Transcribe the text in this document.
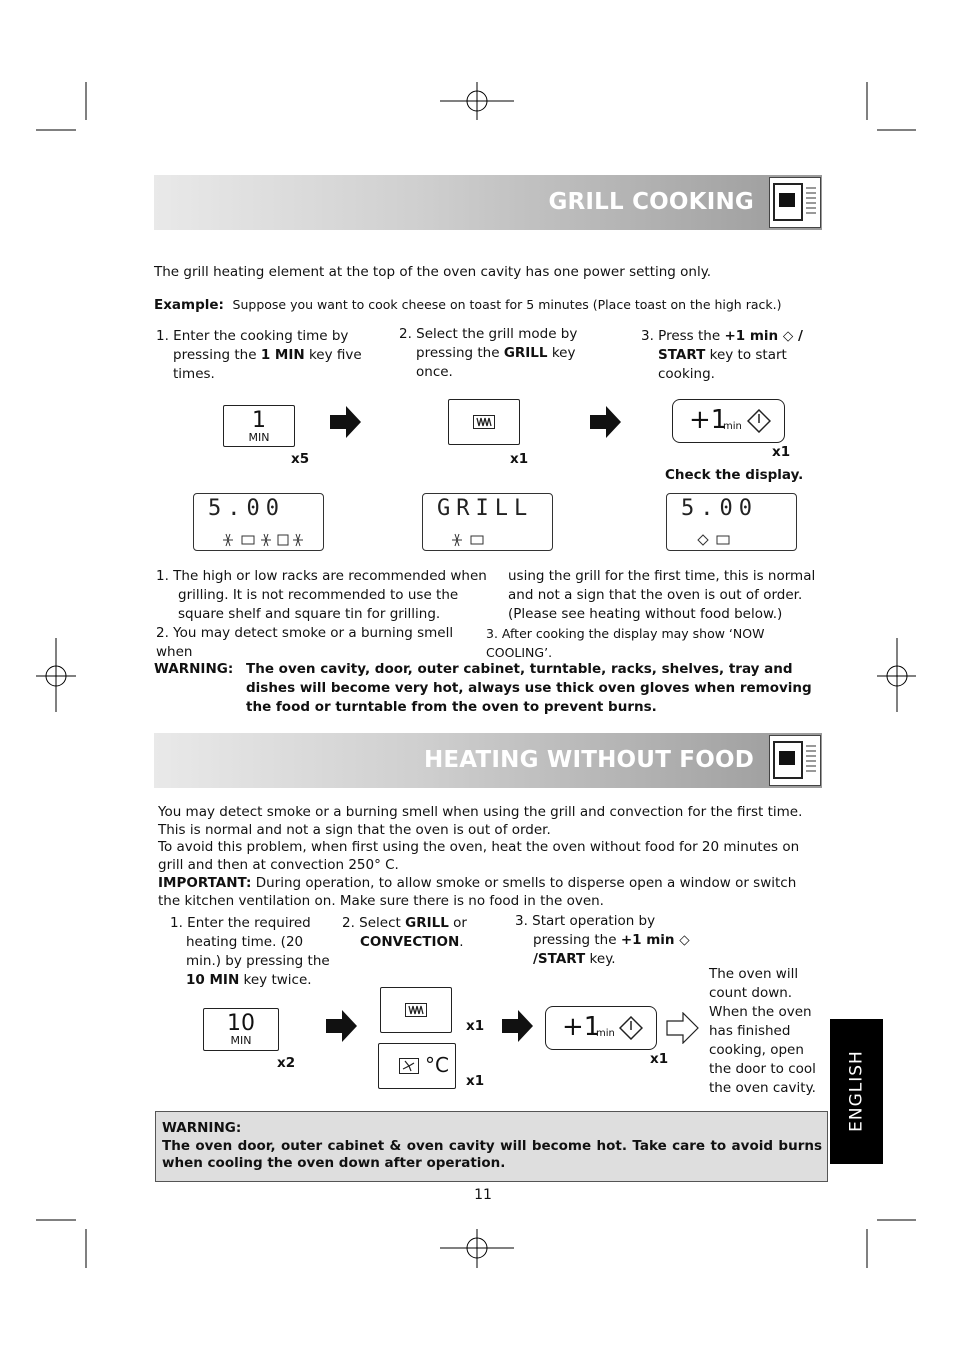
GRILL COOKING
The grill heating element at the top of the oven cavity has one power setting only.
Example: Suppose you want to cook cheese on toast for 5 minutes (Place toast on the high rack.)
1. Enter the cooking time by pressing the 1 MIN key five times.
2. Select the grill mode by pressing the GRILL key once.
3. Press the +1 min ◇ / START key to start cooking.
1
MIN
x5	x1
+1
min
x1
Check the display.
5.00	GRILL	5.00
1. The high or low racks are recommended when grilling. It is not recommended to use the square shelf and square tin for grilling.
2. You may detect smoke or a burning smell when
using the grill for the first time, this is normal and not a sign that the oven is out of order. (Please see heating without food below.)
3. After cooking the display may show ‘NOW COOLING’.
WARNING: The oven cavity, door, outer cabinet, turntable, racks, shelves, tray and dishes will become very hot, always use thick oven gloves when removing the food or turntable from the oven to prevent burns.
HEATING WITHOUT FOOD
You may detect smoke or a burning smell when using the grill and convection for the first time. This is normal and not a sign that the oven is out of order.
To avoid this problem, when first using the oven, heat the oven without food for 20 minutes on grill and then at convection 250° C.
IMPORTANT: During operation, to allow smoke or smells to disperse open a window or switch the kitchen ventilation on. Make sure there is no food in the oven.
1. Enter the required heating time. (20 min.) by pressing the 10 MIN key twice.
2. Select GRILL or CONVECTION.
3. Start operation by pressing the +1 min ◇ /START key.
10
MIN
x2
x1
°C
x1
+1
min
x1
The oven will count down. When the oven has finished cooking, open the door to cool the oven cavity.
WARNING:
The oven door, outer cabinet & oven cavity will become hot. Take care to avoid burns when cooling the oven down after operation.
ENGLISH
11
